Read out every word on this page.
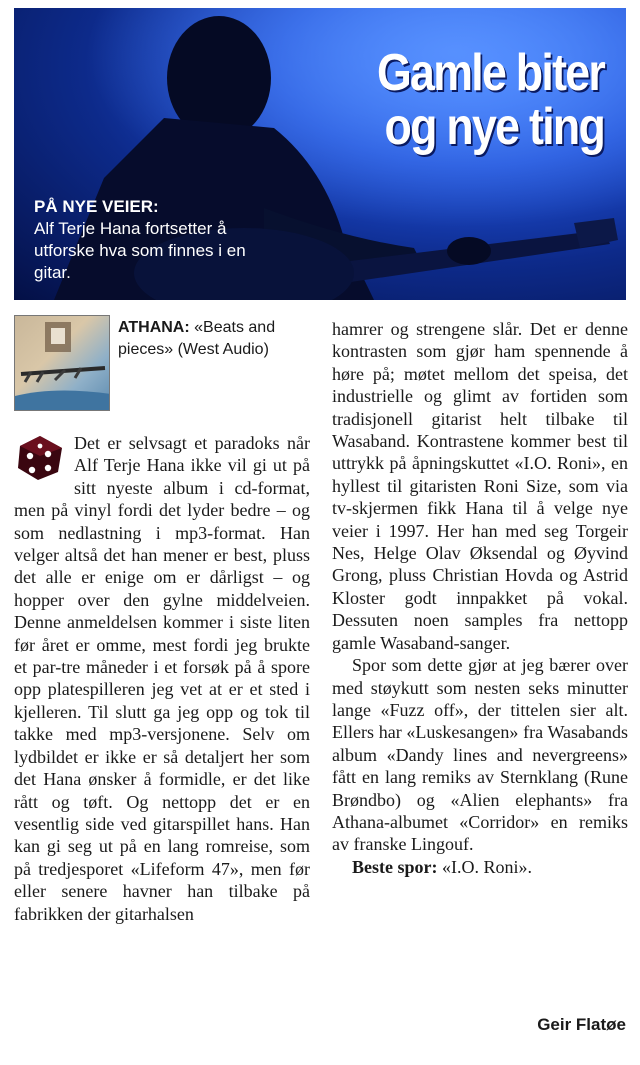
Gamle biter
og nye ting
PÅ NYE VEIER:
Alf Terje Hana fortsetter å utforske hva som finnes i en gitar.
ATHANA: «Beats and pieces» (West Audio)
Det er selvsagt et paradoks når Alf Terje Hana ikke vil gi ut på sitt nyeste album i cd-format, men på vinyl fordi det lyder bedre – og som nedlastning i mp3-format. Han velger altså det han mener er best, pluss det alle er enige om er dårligst – og hopper over den gylne middelveien. Denne anmeldelsen kommer i siste liten før året er omme, mest fordi jeg brukte et par-tre måneder i et forsøk på å spore opp platespilleren jeg vet at er et sted i kjelleren. Til slutt ga jeg opp og tok til takke med mp3-versjonene. Selv om lydbildet er ikke er så detaljert her som det Hana ønsker å formidle, er det like rått og tøft. Og nettopp det er en vesentlig side ved gitarspillet hans. Han kan gi seg ut på en lang romreise, som på tredjesporet «Lifeform 47», men før eller senere havner han tilbake på fabrikken der gitarhalsen

hamrer og strengene slår. Det er denne kontrasten som gjør ham spennende å høre på; møtet mellom det speisa, det industrielle og glimt av fortiden som tradisjonell gitarist helt tilbake til Wasaband. Kontrastene kommer best til uttrykk på åpningskuttet «I.O. Roni», en hyllest til gitaristen Roni Size, som via tv-skjermen fikk Hana til å velge nye veier i 1997. Her han med seg Torgeir Nes, Helge Olav Øksendal og Øyvind Grong, pluss Christian Hovda og Astrid Kloster godt innpakket på vokal. Dessuten noen samples fra nettopp gamle Wasaband-sanger.

Spor som dette gjør at jeg bærer over med støykutt som nesten seks minutter lange «Fuzz off», der tittelen sier alt. Ellers har «Luskesangen» fra Wasabands album «Dandy lines and nevergreens» fått en lang remiks av Sternklang (Rune Brøndbo) og «Alien elephants» fra Athana-albumet «Corridor» en remiks av franske Lingouf.

Beste spor: «I.O. Roni».

Geir Flatøe
